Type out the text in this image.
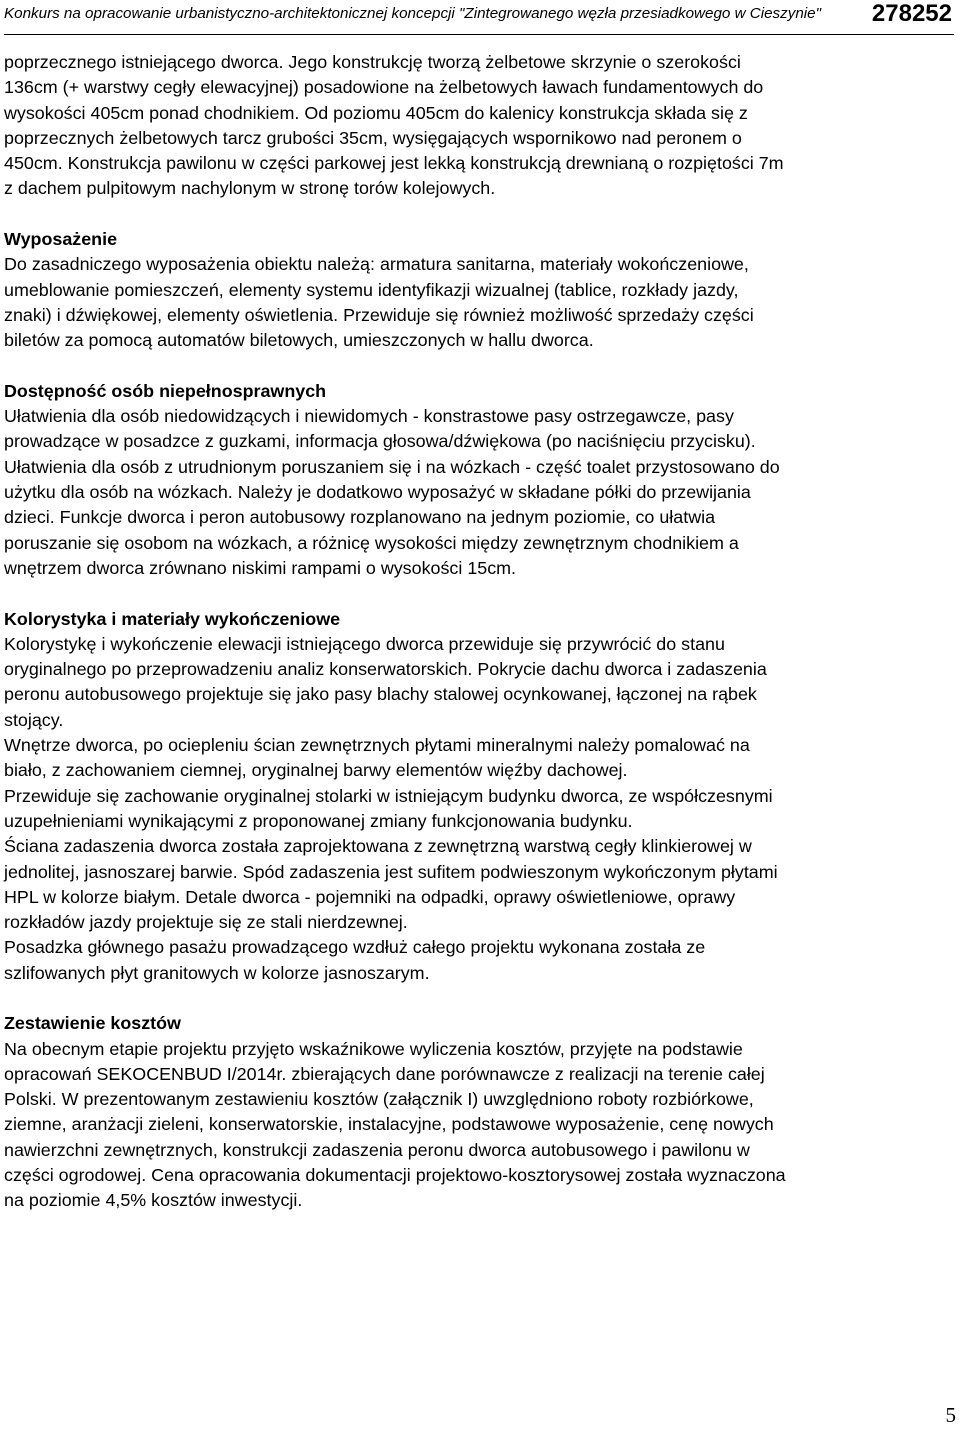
Konkurs na opracowanie urbanistyczno-architektonicznej koncepcji "Zintegrowanego węzła przesiadkowego w Cieszynie" 278252
poprzecznego istniejącego dworca. Jego konstrukcję tworzą żelbetowe skrzynie o szerokości
136cm (+ warstwy cegły elewacyjnej) posadowione na żelbetowych ławach fundamentowych do
wysokości 405cm ponad chodnikiem. Od poziomu 405cm do kalenicy konstrukcja składa się z
poprzecznych żelbetowych tarcz grubości 35cm, wysięgających wspornikowo nad peronem o
450cm. Konstrukcja pawilonu w części parkowej jest lekką konstrukcją drewnianą o rozpiętości 7m
z dachem pulpitowym nachylonym w stronę torów kolejowych.
Wyposażenie
Do zasadniczego wyposażenia obiektu należą: armatura sanitarna, materiały wokończeniowe,
umeblowanie pomieszczeń, elementy systemu identyfikazji wizualnej (tablice, rozkłady jazdy,
znaki) i dźwiękowej, elementy oświetlenia. Przewiduje się również możliwość sprzedaży części
biletów za pomocą automatów biletowych, umieszczonych w hallu dworca.
Dostępność osób niepełnosprawnych
Ułatwienia dla osób niedowidzących i niewidomych - konstrastowe pasy ostrzegawcze, pasy
prowadzące w posadzce z guzkami, informacja głosowa/dźwiękowa (po naciśnięciu przycisku).
Ułatwienia dla osób z utrudnionym poruszaniem się i na wózkach - część toalet przystosowano do
użytku dla osób na wózkach. Należy je dodatkowo wyposażyć w składane półki do przewijania
dzieci. Funkcje dworca i peron autobusowy rozplanowano na jednym poziomie, co ułatwia
poruszanie się osobom na wózkach, a różnicę wysokości między zewnętrznym chodnikiem a
wnętrzem dworca zrównano niskimi rampami o wysokości 15cm.
Kolorystyka i materiały wykończeniowe
Kolorystykę i wykończenie elewacji istniejącego dworca przewiduje się przywrócić do stanu
oryginalnego po przeprowadzeniu analiz konserwatorskich. Pokrycie dachu dworca i zadaszenia
peronu autobusowego projektuje się jako pasy blachy stalowej ocynkowanej, łączonej na rąbek
stojący.
Wnętrze dworca, po ociepleniu ścian zewnętrznych płytami mineralnymi należy pomalować na
biało, z zachowaniem ciemnej, oryginalnej barwy elementów więźby dachowej.
Przewiduje się zachowanie oryginalnej stolarki w istniejącym budynku dworca, ze współczesnymi
uzupełnieniami wynikającymi z proponowanej zmiany funkcjonowania budynku.
Ściana zadaszenia dworca została zaprojektowana z zewnętrzną warstwą cegły klinkierowej w
jednolitej, jasnoszarej barwie. Spód zadaszenia jest sufitem podwieszonym wykończonym płytami
HPL w kolorze białym. Detale dworca - pojemniki na odpadki, oprawy oświetleniowe, oprawy
rozkładów jazdy projektuje się ze stali nierdzewnej.
Posadzka głównego pasażu prowadzącego wzdłuż całego projektu wykonana została ze
szlifowanych płyt granitowych w kolorze jasnoszarym.
Zestawienie kosztów
Na obecnym etapie projektu przyjęto wskaźnikowe wyliczenia kosztów, przyjęte na podstawie
opracowań SEKOCENBUD I/2014r. zbierających dane porównawcze z realizacji na terenie całej
Polski. W prezentowanym zestawieniu kosztów (załącznik I) uwzględniono roboty rozbiórkowe,
ziemne, aranżacji zieleni, konserwatorskie, instalacyjne, podstawowe wyposażenie, cenę nowych
nawierzchni zewnętrznych, konstrukcji zadaszenia peronu dworca autobusowego i pawilonu w
części ogrodowej. Cena opracowania dokumentacji projektowo-kosztorysowej została wyznaczona
na poziomie 4,5% kosztów inwestycji.
5
